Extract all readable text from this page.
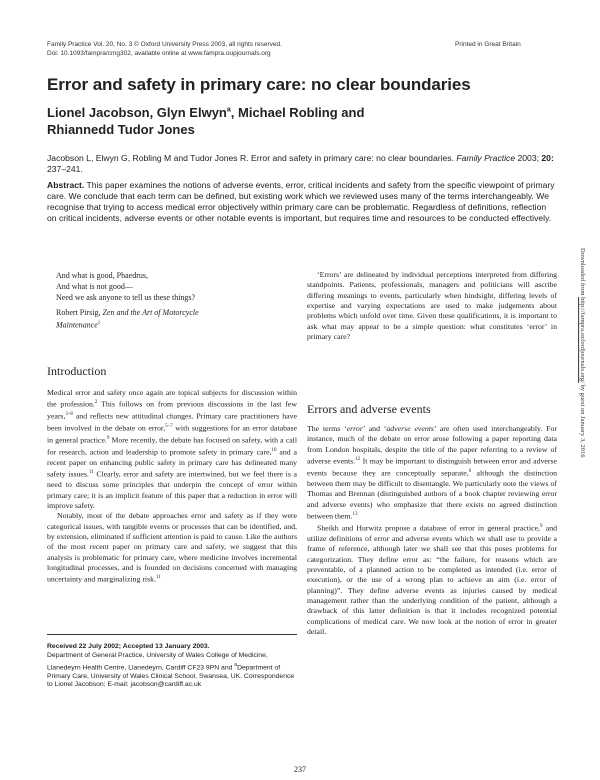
Family Practice Vol. 20, No. 3 © Oxford University Press 2003, all rights reserved.
Doi: 10.1093/fampra/cmg302, available online at www.fampra.oupjournals.org
Printed in Great Britain
Error and safety in primary care: no clear boundaries
Lionel Jacobson, Glyn Elwyn$^a$, Michael Robling and
Rhiannedd Tudor Jones
Jacobson L, Elwyn G, Robling M and Tudor Jones R. Error and safety in primary care: no clear boundaries. Family Practice 2003; 20: 237–241.
Abstract. This paper examines the notions of adverse events, error, critical incidents and safety from the specific viewpoint of primary care. We conclude that each term can be defined, but existing work which we reviewed uses many of the terms interchangeably. We recognise that trying to access medical error objectively within primary care can be problematic. Regardless of definitions, reflection on critical incidents, adverse events or other notable events is important, but requires time and resources to be conducted effectively.
And what is good, Phaedrus,
And what is not good—
Need we ask anyone to tell us these things?
Robert Pirsig, Zen and the Art of Motorcycle
Maintenance$^1$
Introduction

Medical error and safety once again are topical subjects for discussion within the profession.$^2$ This follows on from previous discussions in the last few years,$^{3-8}$ and reflects new attitudinal changes. Primary care practitioners have been involved in the debate on error,$^{5-7}$ with suggestions for an error database in general practice.$^9$ More recently, the debate has focused on safety, with a call for research, action and leadership to promote safety in primary care,$^{10}$ and a recent paper on enhancing public safety in primary care has delineated many safety issues.$^{11}$ Clearly, error and safety are intertwined, but we feel there is a need to discuss some principles that underpin the concept of error within primary care; it is an implicit feature of this paper that a reduction in error will improve safety.

Notably, most of the debate approaches error and safety as if they were categorical issues, with tangible events or processes that can be identified, and, by extension, eliminated if sufficient attention is paid to cause. Like the authors of the most recent paper on primary care and safety, we suggest that this analysis is problematic for primary care, where medicine involves incremental longitudinal processes, and is founded on decisions concerned with managing uncertainty and marginalizing risk.$^{11}$

Received 22 July 2002; Accepted 13 January 2003.
Department of General Practice, University of Wales College of Medicine, Llanedeyrn Health Centre, Llanedeyrn, Cardiff CF23 9PN and $^a$Department of Primary Care, University of Wales Clinical School, Swansea, UK. Correspondence to Lionel Jacobson; E-mail: jacobson@cardiff.ac.uk

‘Errors’ are delineated by individual perceptions interpreted from differing standpoints. Patients, professionals, managers and politicians will ascribe differing meanings to events, particularly when hindsight, differing levels of expertise and varying expectations are used to make judgements about problems which unfold over time. Given these qualifications, it is important to ask what may appear to be a simple question: what constitutes ‘error’ in primary care?

Errors and adverse events

The terms ‘error’ and ‘adverse events’ are often used interchangeably. For instance, much of the debate on error arose following a paper reporting data from London hospitals, despite the title of the paper referring to a review of adverse events.$^{12}$ It may be important to distinguish between error and adverse events because they are conceptually separate,$^6$ although the distinction between them may be difficult to disentangle. We particularly note the views of Thomas and Brennan (distinguished authors of a book chapter reviewing error and adverse events) who emphasize that there exists no agreed distinction between them.$^{13}$

Sheikh and Hurwitz propose a database of error in general practice,$^9$ and utilize definitions of error and adverse events which we shall use to provide a frame of reference, although later we shall see that this poses problems for categorization. They define error as: “the failure, for reasons which are preventable, of a planned action to be completed as intended (i.e. error of execution), or the use of a wrong plan to achieve an aim (i.e. error of planning)”. They define adverse events as injuries caused by medical management rather than the underlying condition of the patient, although a drawback of this latter definition is that it includes recognized potential complications of medical care. We now look at the notion of error in greater detail.

237
Downloaded from http://fampra.oxfordjournals.org/ by guest on January 3, 2016
